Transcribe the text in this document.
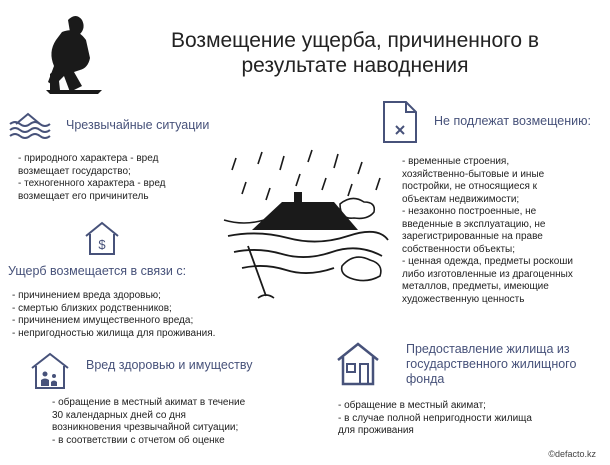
Возмещение ущерба, причиненного в результате наводнения
Чрезвычайные ситуации
- природного характера - вред
возмещает государство;
- техногенного характера - вред
возмещает его причинитель
$
Ущерб возмещается в связи с:
- причинением вреда здоровью;
- смертью близких родственников;
- причинением имущественного вреда;
- непригодностью жилища для проживания.
Вред здоровью и имуществу
- обращение в местный акимат в течение
30 календарных дней со дня
возникновения чрезвычайной ситуации;
- в соответствии с отчетом об оценке
Не подлежат возмещению:
- временные строения,
хозяйственно-бытовые и иные
постройки, не относящиеся к
объектам недвижимости;
- незаконно построенные, не
введенные в эксплуатацию, не
зарегистрированные на праве
собственности объекты;
- ценная одежда, предметы роскоши
либо изготовленные из драгоценных
металлов, предметы, имеющие
художественную ценность
Предоставление жилища из государственного жилищного фонда
- обращение в местный акимат;
- в случае полной непригодности жилища
для проживания
©defacto.kz
